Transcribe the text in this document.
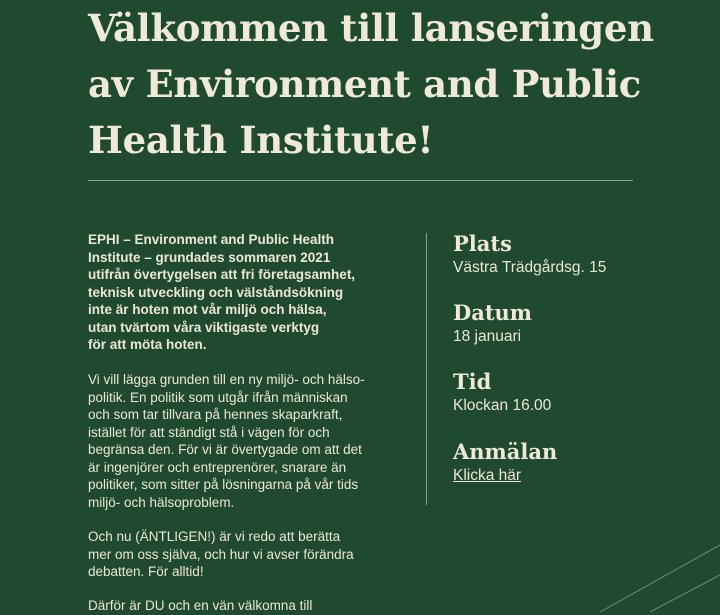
Välkommen till lanseringen
av Environment and Public
Health Institute!
EPHI – Environment and Public Health
Institute – grundades sommaren 2021
utifrån övertygelsen att fri företagsamhet,
teknisk utveckling och välståndsökning
inte är hoten mot vår miljö och hälsa,
utan tvärtom våra viktigaste verktyg
för att möta hoten.
Vi vill lägga grunden till en ny miljö- och hälso-
politik. En politik som utgår ifrån människan
och som tar tillvara på hennes skaparkraft,
istället för att ständigt stå i vägen för och
begränsa den. För vi är övertygade om att det
är ingenjörer och entreprenörer, snarare än
politiker, som sitter på lösningarna på vår tids
miljö- och hälsoproblem.
Och nu (ÄNTLIGEN!) är vi redo att berätta
mer om oss själva, och hur vi avser förändra
debatten. För alltid!
Därför är DU och en vän välkomna till
Plats
Västra Trädgårdsg. 15
Datum
18 januari
Tid
Klockan 16.00
Anmälan
Klicka här
